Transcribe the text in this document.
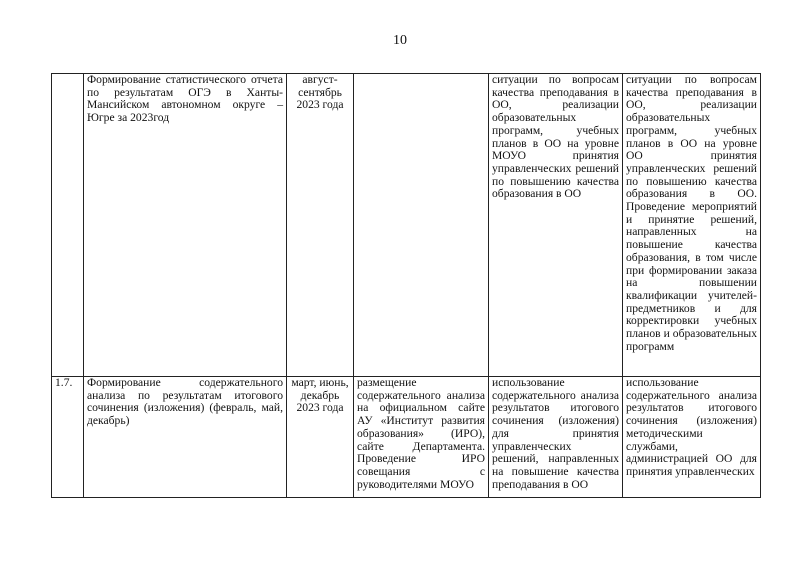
10
	Формирование статистического отчета по результатам ОГЭ в Ханты-Мансийском автономном округе – Югре за 2023год	август-сентябрь 2023 года		ситуации по вопросам качества преподавания в ОО, реализации образовательных программ, учебных планов в ОО на уровне МОУО принятия управленческих решений по повышению качества образования в ОО	ситуации по вопросам качества преподавания в ОО, реализации образовательных программ, учебных планов в ОО на уровне ОО принятия управленческих решений по повышению качества образования в ОО. Проведение мероприятий и принятие решений, направленных на повышение качества образования, в том числе при формировании заказа на повышении квалификации учителей-предметников и для корректировки учебных планов и образовательных программ

1.7.	Формирование содержательного анализа по результатам итогового сочинения (изложения) (февраль, май, декабрь)	март, июнь, декабрь 2023 года	размещение содержательного анализа на официальном сайте АУ «Институт развития образования» (ИРО), сайте Департамента. Проведение ИРО совещания с руководителями МОУО	использование содержательного анализа результатов итогового сочинения (изложения) для принятия управленческих решений, направленных на повышение качества преподавания в ОО	использование содержательного анализа результатов итогового сочинения (изложения) методическими службами, администрацией ОО для принятия управленческих
